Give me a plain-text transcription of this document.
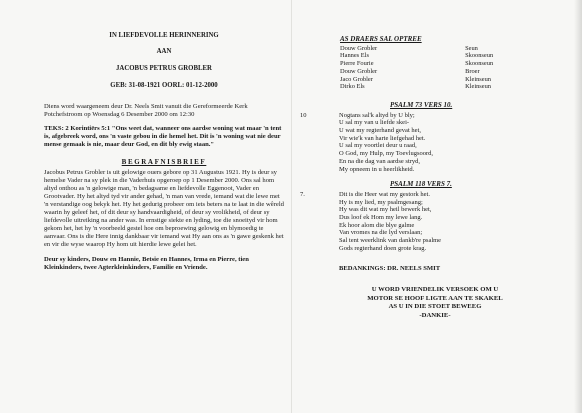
IN LIEFDEVOLLE HERINNERING
AAN
JACOBUS PETRUS GROBLER
GEB: 31-08-1921 OORL: 01-12-2000

Diens word waargeneem deur Dr. Neels Smit vanuit die Gereformeerde Kerk Potchefstroom op Woensdag 6 Desember 2000 om 12:30

TEKS: 2 Korintiërs 5:1 "Ons weet dat, wanneer ons aardse woning wat maar 'n tent is, afgebreek word, ons 'n vaste gebou in die hemel het. Dit is 'n woning wat nie deur mense gemaak is nie, maar deur God, en dit bly ewig staan."

BEGRAFNISBRIEF

Jacobus Petrus Grobler is uit gelowige ouers gebore op 31 Augustus 1921. Hy is deur sy hemelse Vader na sy plek in die Vaderhuis opgeroep op 1 Desember 2000. Ons sal hom altyd onthou as 'n gelowige man, 'n bedagsame en liefdevolle Eggenoot, Vader en Grootvader. Hy het altyd tyd vir ander gehad, 'n man van vrede, iemand wat die lewe met 'n verstandige oog bekyk het. Hy het gedurig probeer om iets beters na te laat in die wêreld waarin hy geleef het, of dit deur sy handvaardigheid, of deur sy vrolikheid, of deur sy liefdevolle uitreiking na ander was. In ernstige siekte en lyding, toe die snoeityd vir hom gekom het, het hy 'n voorbeeld gestel hoe om beproewing gelowig en blymoedig te aanvaar. Ons is die Here innig dankbaar vir iemand wat Hy aan ons as 'n gawe geskenk het en vir die wyse waarop Hy hom uit hierdie lewe gelei het.

Deur sy kinders, Douw en Hannie, Betsie en Hannes, Irma en Pierre, tien Kleinkinders, twee Agterkleinkinders, Familie en Vriende.

AS DRAERS SAL OPTREE
Douw Grobler	Seun
Hannes Els	Skoonseun
Pierre Fourie	Skoonseun
Douw Grobler	Broer
Jaco Grobler	Kleinseun
Dirko Els	Kleinseun
PSALM 73 VERS 10.
10	Nogtans sal'k altyd by U bly;
U sal my van u liefde skei-
U wat my regterhand gevat het,
Vir wie'k van harte liefgehad het.
U sal my voortlei deur u raad,
O God, my Hulp, my Toevlugsoord,
En na die dag van aardse stryd,
My opneem in u heerlikheid.
PSALM 118 VERS 7.
7.	Dit is die Heer wat my gestork het.
Hy is my lied, my psalmgesang;
Hy was dit wat my heil bewerk het,
Dus loof ek Hom my lewe lang.
Ek hoor alom die blye galme
Van vromes na die lyd verslaan;
Sal tent weerklink van dankb're psalme
Gods regterhand doen grote krag.
BEDANKINGS: DR. NEELS SMIT
U WORD VRIENDELIK VERSOEK OM U
MOTOR SE HOOF LIGTE AAN TE SKAKEL
AS U IN DIE STOET BEWEEG
-DANKIE-
